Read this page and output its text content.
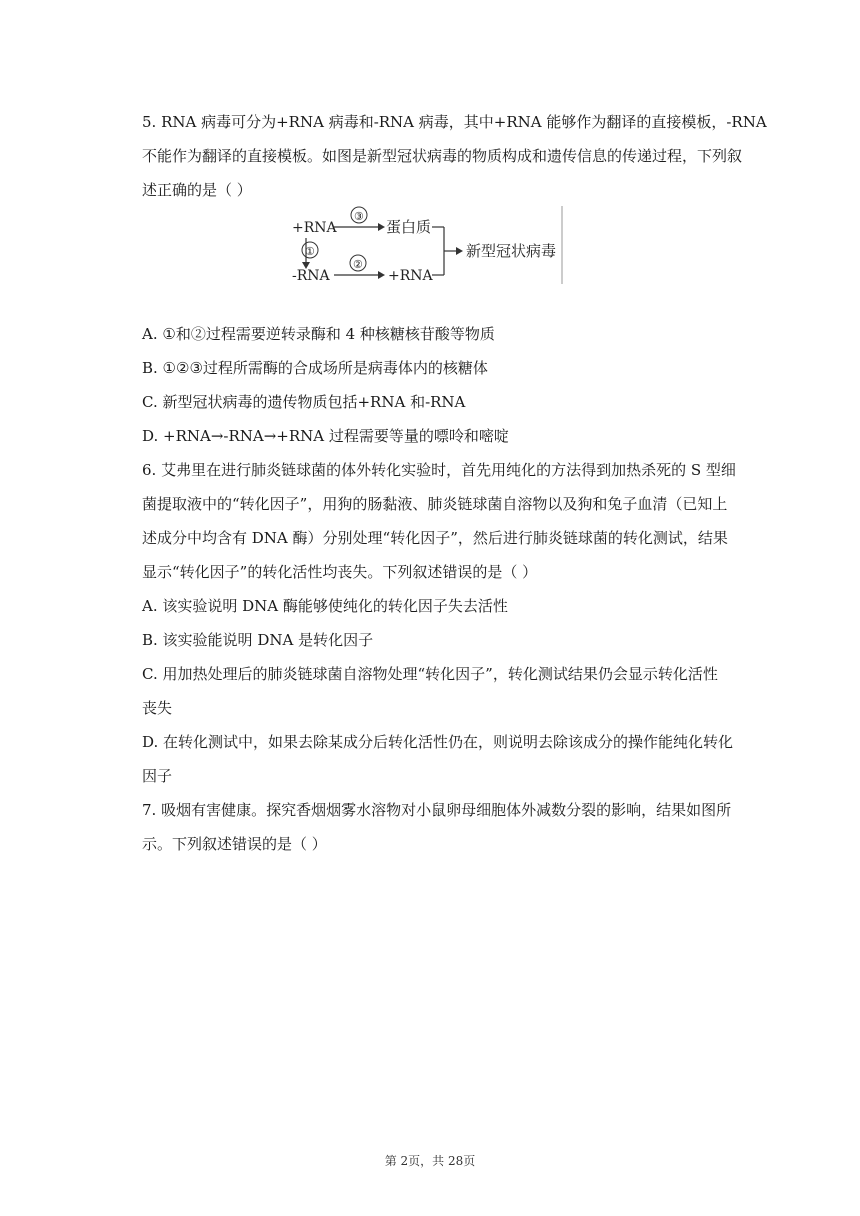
5. RNA 病毒可分为+RNA 病毒和-RNA 病毒，其中+RNA 能够作为翻译的直接模板，-RNA
不能作为翻译的直接模板。如图是新型冠状病毒的物质构成和遗传信息的传递过程，下列叙
述正确的是（ ）
+RNA
③
蛋白质
①
-RNA
②
+RNA
新型冠状病毒
A. ①和②过程需要逆转录酶和 4 种核糖核苷酸等物质
B. ①②③过程所需酶的合成场所是病毒体内的核糖体
C. 新型冠状病毒的遗传物质包括+RNA 和-RNA
D. +RNA→-RNA→+RNA 过程需要等量的嘌呤和嘧啶
6. 艾弗里在进行肺炎链球菌的体外转化实验时，首先用纯化的方法得到加热杀死的 S 型细
菌提取液中的“转化因子”，用狗的肠黏液、肺炎链球菌自溶物以及狗和兔子血清（已知上
述成分中均含有 DNA 酶）分别处理“转化因子”，然后进行肺炎链球菌的转化测试，结果
显示“转化因子”的转化活性均丧失。下列叙述错误的是（ ）
A. 该实验说明 DNA 酶能够使纯化的转化因子失去活性
B. 该实验能说明 DNA 是转化因子
C. 用加热处理后的肺炎链球菌自溶物处理“转化因子”，转化测试结果仍会显示转化活性
丧失
D. 在转化测试中，如果去除某成分后转化活性仍在，则说明去除该成分的操作能纯化转化
因子
7. 吸烟有害健康。探究香烟烟雾水溶物对小鼠卵母细胞体外减数分裂的影响，结果如图所
示。下列叙述错误的是（ ）
第 2页，共 28页
